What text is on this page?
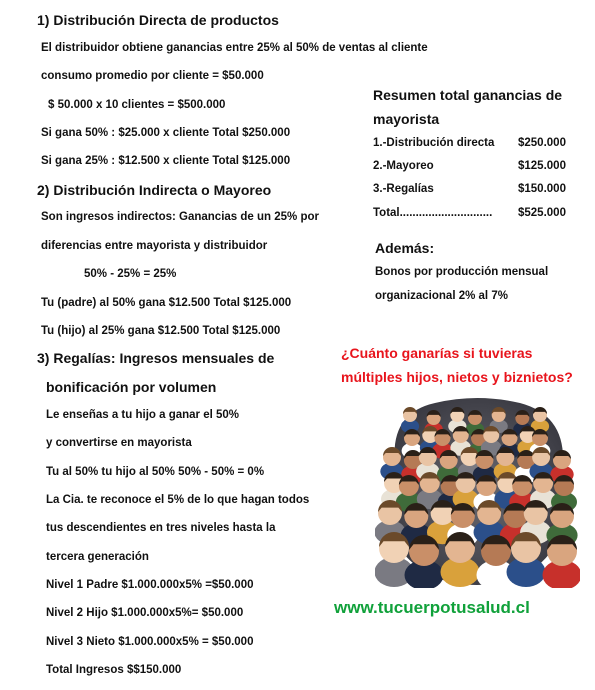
1) Distribución Directa de productos
El distribuidor obtiene ganancias entre 25% al 50% de ventas al cliente
consumo promedio por cliente = $50.000
$ 50.000 x 10 clientes = $500.000
Si gana 50% : $25.000 x cliente Total $250.000
Si gana 25% : $12.500 x cliente Total $125.000
2) Distribución Indirecta o Mayoreo
Son ingresos indirectos: Ganancias de un 25% por
diferencias entre mayorista y distribuidor
50% - 25% = 25%
Tu (padre) al 50% gana $12.500 Total $125.000
Tu (hijo) al 25% gana $12.500 Total $125.000
3) Regalías: Ingresos mensuales de
bonificación por volumen
Le enseñas a tu hijo a ganar el 50%
y convertirse en mayorista
Tu al 50% tu hijo al 50% 50% - 50% = 0%
La Cia. te reconoce el 5% de lo que hagan todos
tus descendientes en tres niveles hasta la
tercera generación
Nivel 1 Padre $1.000.000x5% =$50.000
Nivel 2 Hijo $1.000.000x5%= $50.000
Nivel 3 Nieto $1.000.000x5% = $50.000
Total Ingresos $$150.000
Resumen total ganancias de
mayorista
1.-Distribución directa $250.000
2.-Mayoreo	$125.000
3.-Regalías	$150.000
Total............................. $525.000
Además:
Bonos por producción mensual
organizacional 2% al 7%
¿Cuánto ganarías si tuvieras
múltiples hijos, nietos y biznietos?
www.tucuerpotusalud.cl
